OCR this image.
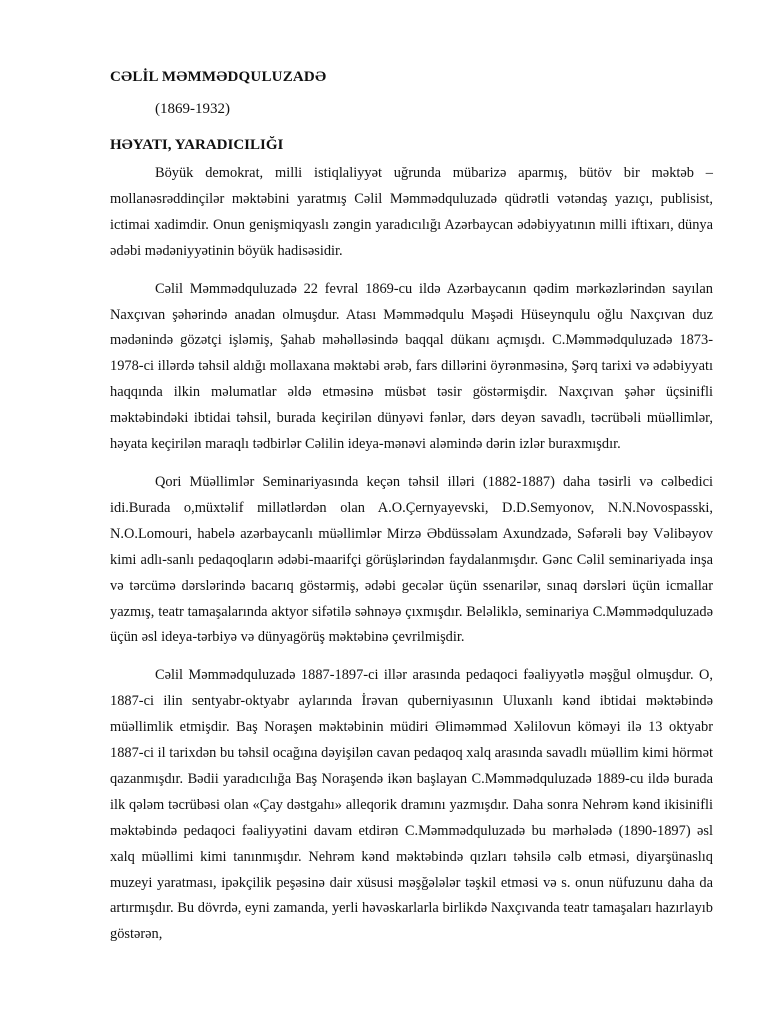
CƏLİL MƏMMƏDQULUZADƏ

(1869-1932)

HƏYATI, YARADICILIĞI

Böyük demokrat, milli istiqlaliyyət uğrunda mübarizə aparmış, bütöv bir məktəb – mollanəsrəddinçilər məktəbini yaratmış Cəlil Məmmədquluzadə qüdrətli vətəndaş yazıçı, publisist, ictimai xadimdir. Onun genişmiqyaslı zəngin yaradıcılığı Azərbaycan ədəbiyyatının milli iftixarı, dünya ədəbi mədəniyyətinin böyük hadisəsidir.

Cəlil Məmmədquluzadə 22 fevral 1869-cu ildə Azərbaycanın qədim mərkəzlərindən sayılan Naxçıvan şəhərində anadan olmuşdur. Atası Məmmədqulu Məşədi Hüseynqulu oğlu Naxçıvan duz mədənində gözətçi işləmiş, Şahab məhəlləsində baqqal dükanı açmışdı. C.Məmmədquluzadə 1873-1978-ci illərdə təhsil aldığı mollaxana məktəbi ərəb, fars dillərini öyrənməsinə, Şərq tarixi və ədəbiyyatı haqqında ilkin məlumatlar əldə etməsinə müsbət təsir göstərmişdir. Naxçıvan şəhər üçsinifli məktəbindəki ibtidai təhsil, burada keçirilən dünyəvi fənlər, dərs deyən savadlı, təcrübəli müəllimlər, həyata keçirilən maraqlı tədbirlər Cəlilin ideya-mənəvi aləmində dərin izlər buraxmışdır.

Qori Müəllimlər Seminariyasında keçən təhsil illəri (1882-1887) daha təsirli və cəlbedici idi.Burada o,müxtəlif millətlərdən olan A.O.Çernyayevski, D.D.Semyonov, N.N.Novospasski, N.O.Lomouri, habelə azərbaycanlı müəllimlər Mirzə Əbdüssəlam Axundzadə, Səfərəli bəy Vəlibəyov kimi adlı-sanlı pedaqoqların ədəbi-maarifçi görüşlərindən faydalanmışdır. Gənc Cəlil seminariyada inşa və tərcümə dərslərində bacarıq göstərmiş, ədəbi gecələr üçün ssenarilər, sınaq dərsləri üçün icmallar yazmış, teatr tamaşalarında aktyor sifətilə səhnəyə çıxmışdır. Beləliklə, seminariya C.Məmmədquluzadə üçün əsl ideya-tərbiyə və dünyagörüş məktəbinə çevrilmişdir.

Cəlil Məmmədquluzadə 1887-1897-ci illər arasında pedaqoci fəaliyyətlə məşğul olmuşdur. O, 1887-ci ilin sentyabr-oktyabr aylarında İrəvan quberniyasının Uluxanlı kənd ibtidai məktəbində müəllimlik etmişdir. Baş Noraşen məktəbinin müdiri Əliməmməd Xəlilovun köməyi ilə 13 oktyabr 1887-ci il tarixdən bu təhsil ocağına dəyişilən cavan pedaqoq xalq arasında savadlı müəllim kimi hörmət qazanmışdır. Bədii yaradıcılığa Baş Noraşendə ikən başlayan C.Məmmədquluzadə 1889-cu ildə burada ilk qələm təcrübəsi olan «Çay dəstgahı» alleqorik dramını yazmışdır. Daha sonra Nehrəm kənd ikisinifli məktəbində pedaqoci fəaliyyətini davam etdirən C.Məmmədquluzadə bu mərhələdə (1890-1897) əsl xalq müəllimi kimi tanınmışdır. Nehrəm kənd məktəbində qızları təhsilə cəlb etməsi, diyarşünaslıq muzeyi yaratması, ipəkçilik peşəsinə dair xüsusi məşğələlər təşkil etməsi və s. onun nüfuzunu daha da artırmışdır. Bu dövrdə, eyni zamanda, yerli həvəskarlarla birlikdə Naxçıvanda teatr tamaşaları hazırlayıb göstərən,
